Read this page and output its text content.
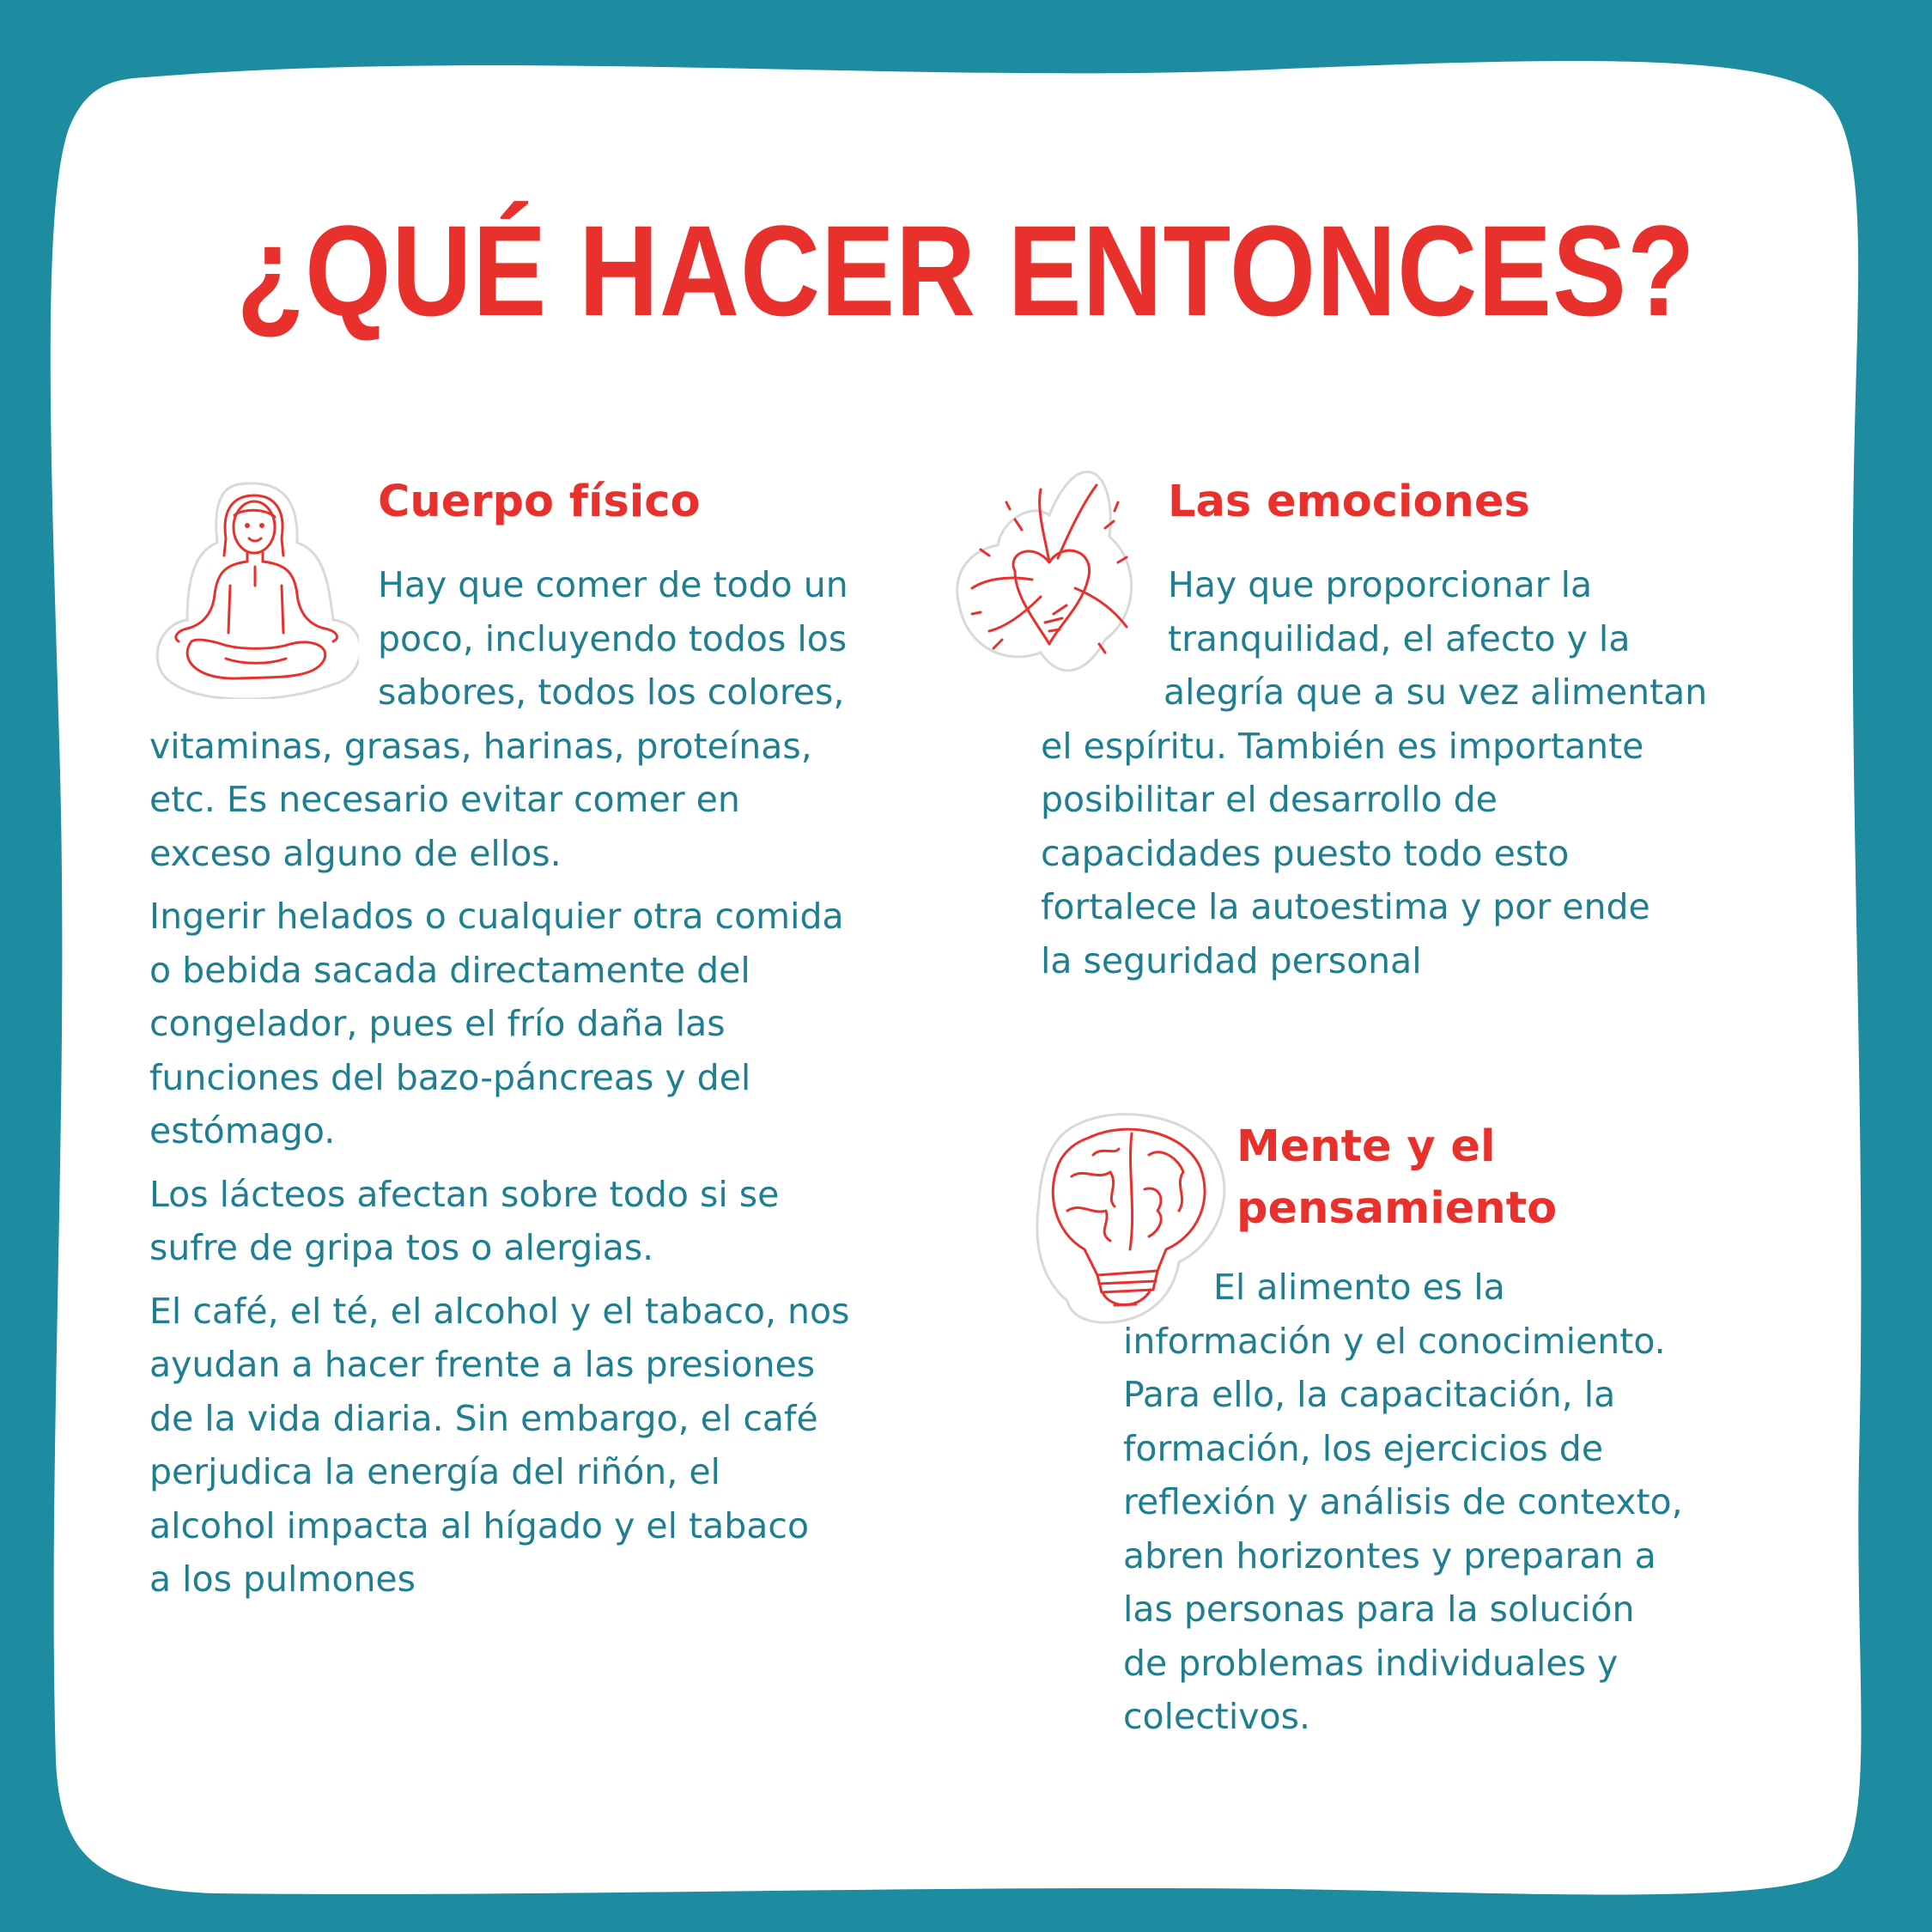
¿QUÉ HACER ENTONCES?
Cuerpo físico
Hay que comer de todo un
poco, incluyendo todos los
sabores, todos los colores,
vitaminas, grasas, harinas, proteínas,
etc. Es necesario evitar comer en
exceso alguno de ellos.
Ingerir helados o cualquier otra comida
o bebida sacada directamente del
congelador, pues el frío daña las
funciones del bazo-páncreas y del
estómago.
Los lácteos afectan sobre todo si se
sufre de gripa tos o alergias.
El café, el té, el alcohol y el tabaco, nos
ayudan a hacer frente a las presiones
de la vida diaria. Sin embargo, el café
perjudica la energía del riñón, el
alcohol impacta al hígado y el tabaco
a los pulmones
Las emociones
Hay que proporcionar la
tranquilidad, el afecto y la
alegría que a su vez alimentan
el espíritu. También es importante
posibilitar el desarrollo de
capacidades puesto todo esto
fortalece la autoestima y por ende
la seguridad personal
Mente y el
pensamiento
El alimento es la
información y el conocimiento.
Para ello, la capacitación, la
formación, los ejercicios de
reflexión y análisis de contexto,
abren horizontes y preparan a
las personas para la solución
de problemas individuales y
colectivos.
